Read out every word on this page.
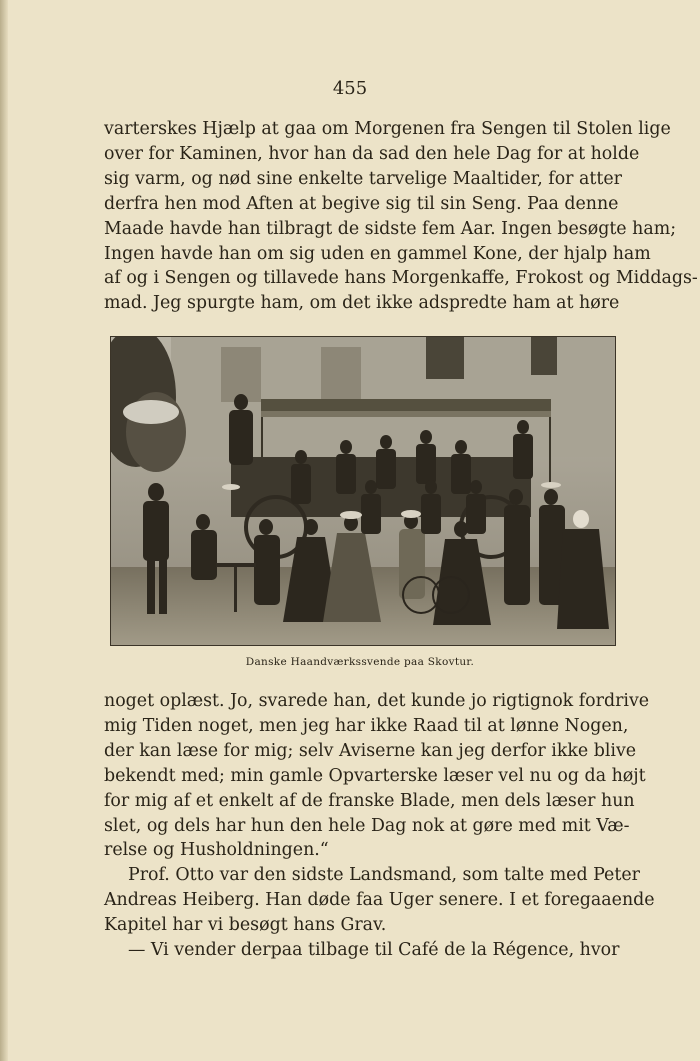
455
varterskes Hjælp at gaa om Morgenen fra Sengen til Stolen lige
over for Kaminen, hvor han da sad den hele Dag for at holde
sig varm, og nød sine enkelte tarvelige Maaltider, for atter
derfra hen mod Aften at begive sig til sin Seng. Paa denne
Maade havde han tilbragt de sidste fem Aar. Ingen besøgte ham;
Ingen havde han om sig uden en gammel Kone, der hjalp ham
af og i Sengen og tillavede hans Morgenkaffe, Frokost og Middags-
mad. Jeg spurgte ham, om det ikke adspredte ham at høre
Danske Haandværkssvende paa Skovtur.
noget oplæst. Jo, svarede han, det kunde jo rigtignok fordrive
mig Tiden noget, men jeg har ikke Raad til at lønne Nogen,
der kan læse for mig; selv Aviserne kan jeg derfor ikke blive
bekendt med; min gamle Opvarterske læser vel nu og da højt
for mig af et enkelt af de franske Blade, men dels læser hun
slet, og dels har hun den hele Dag nok at gøre med mit Væ-
relse og Husholdningen.“
Prof. Otto var den sidste Landsmand, som talte med Peter
Andreas Heiberg. Han døde faa Uger senere. I et foregaaende
Kapitel har vi besøgt hans Grav.
— Vi vender derpaa tilbage til Café de la Régence, hvor
